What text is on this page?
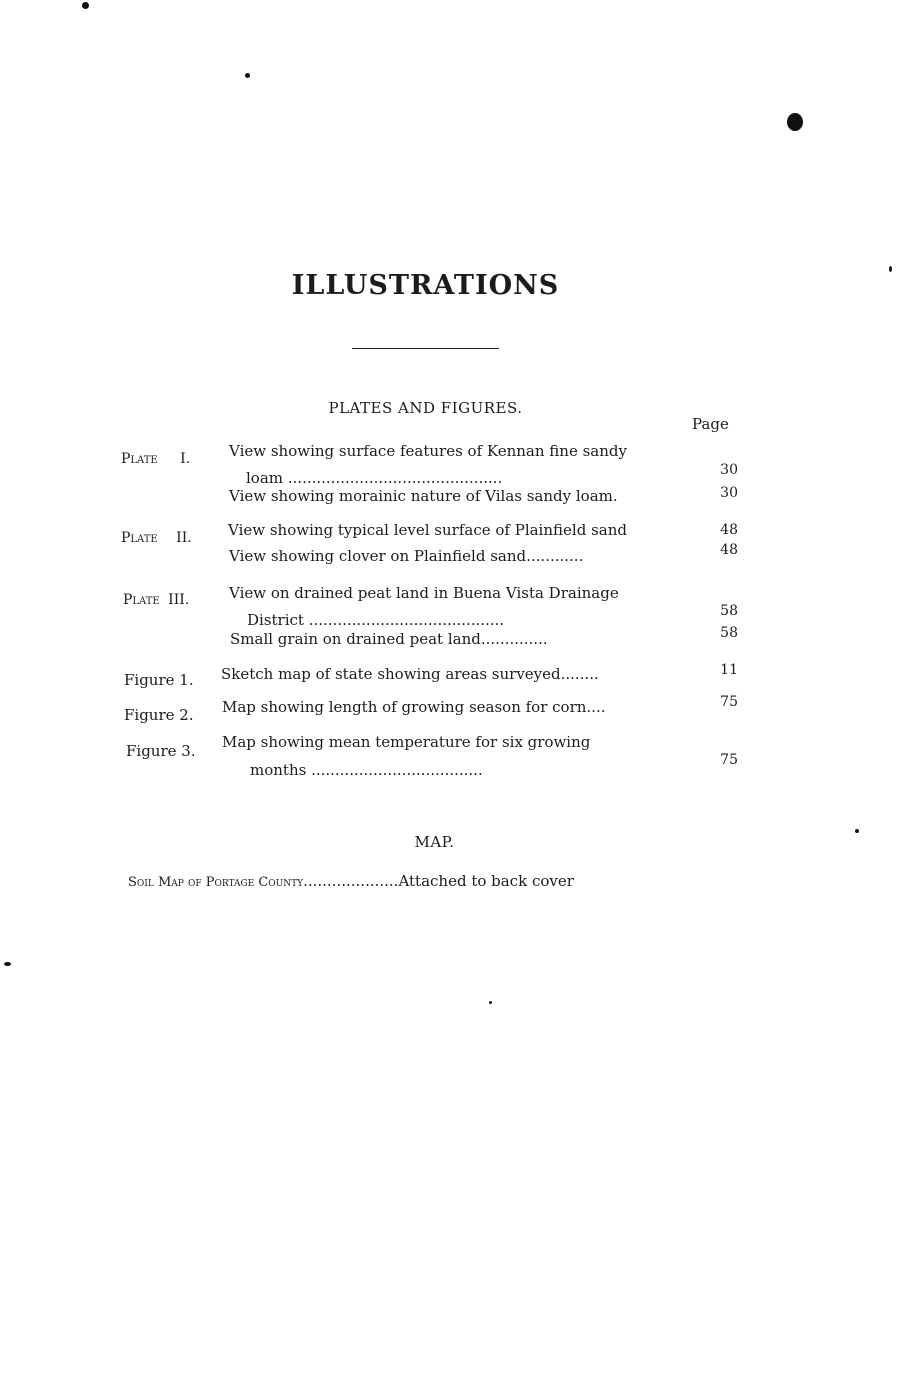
ILLUSTRATIONS
PLATES AND FIGURES.
Page
Plate I.	View showing surface features of Kennan fine sandy
loam .............................................	30
View showing morainic nature of Vilas sandy loam.	30
Plate II. View showing typical level surface of Plainfield sand	48
View showing clover on Plainfield sand............	48
Plate III.	View on drained peat land in Buena Vista Drainage
District .........................................	58
Small grain on drained peat land..............	58
Figure 1. Sketch map of state showing areas surveyed........	11
Figure 2. Map showing length of growing season for corn....	75
Figure 3. Map showing mean temperature for six growing
months ....................................
75
MAP.
Soil Map of Portage County....................Attached to back cover
